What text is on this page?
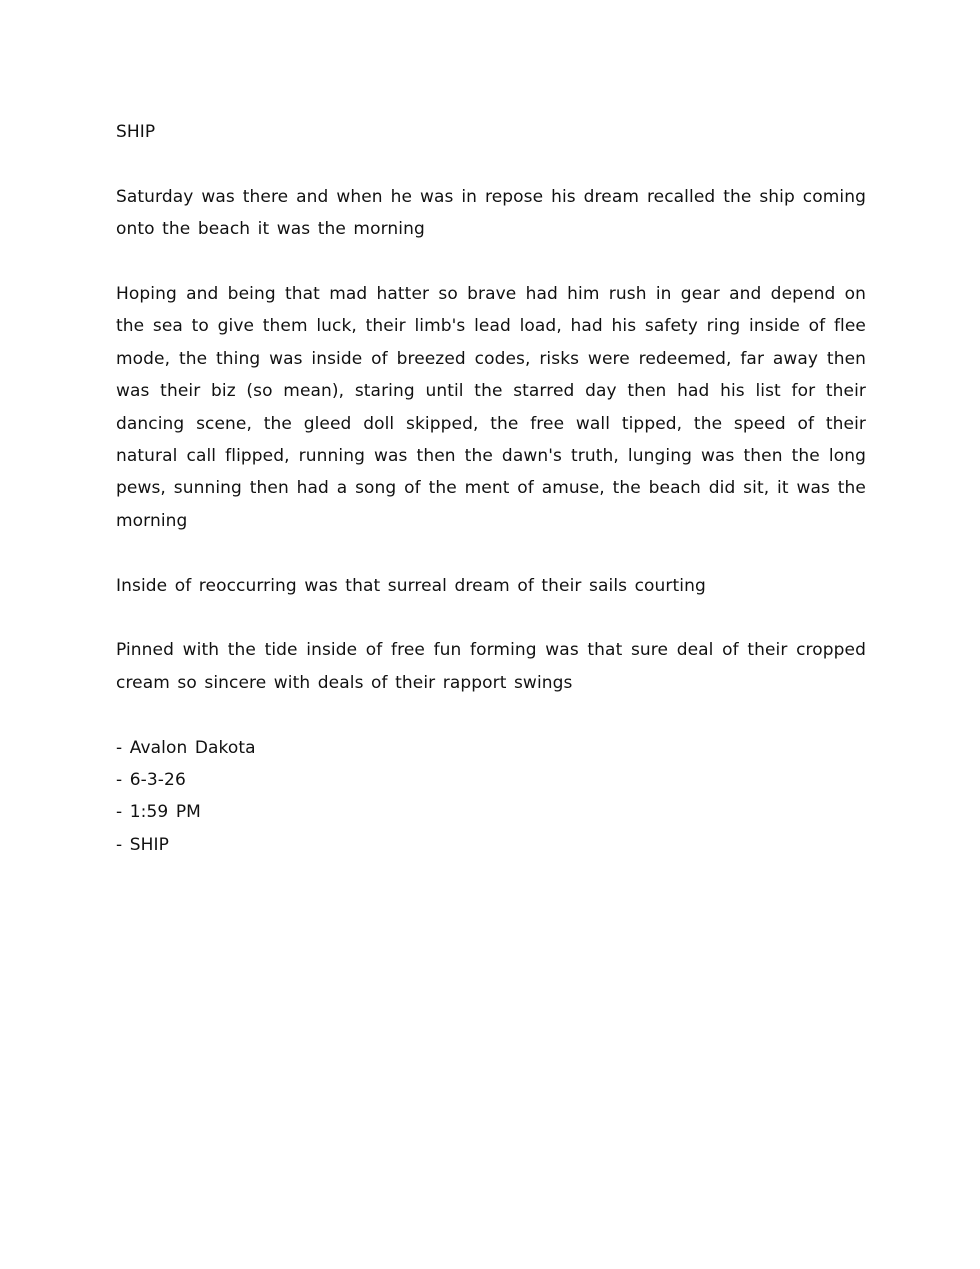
SHIP

Saturday was there and when he was in repose his dream recalled the ship coming onto the beach it was the morning

Hoping and being that mad hatter so brave had him rush in gear and depend on the sea to give them luck, their limb's lead load, had his safety ring inside of flee mode, the thing was inside of breezed codes, risks were redeemed, far away then was their biz (so mean), staring until the starred day then had his list for their dancing scene, the gleed doll skipped, the free wall tipped, the speed of their natural call flipped, running was then the dawn's truth, lunging was then the long pews, sunning then had a song of the ment of amuse, the beach did sit, it was the morning

Inside of reoccurring was that surreal dream of their sails courting

Pinned with the tide inside of free fun forming was that sure deal of their cropped cream so sincere with deals of their rapport swings

- Avalon Dakota
- 6-3-26
- 1:59 PM
- SHIP
